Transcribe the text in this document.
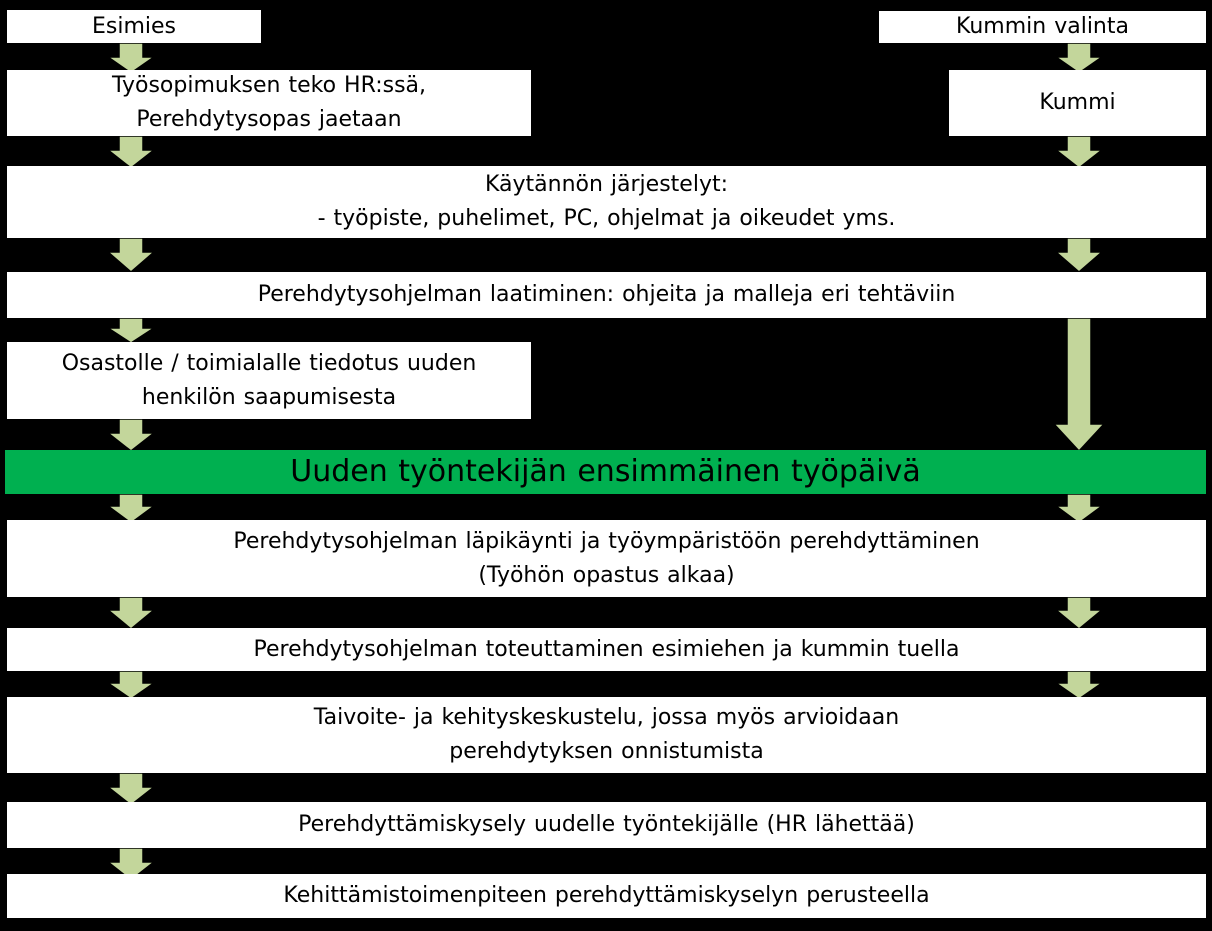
Esimies	Kummin valinta
Työsopimuksen teko HR:ssä,
Perehdytysopas jaetaan
Kummi
Käytännön järjestelyt:
- työpiste, puhelimet, PC, ohjelmat ja oikeudet yms.
Perehdytysohjelman laatiminen: ohjeita ja malleja eri tehtäviin
Osastolle / toimialalle tiedotus uuden
henkilön saapumisesta
Uuden työntekijän ensimmäinen työpäivä
Perehdytysohjelman läpikäynti ja työympäristöön perehdyttäminen
(Työhön opastus alkaa)
Perehdytysohjelman toteuttaminen esimiehen ja kummin tuella
Taivoite- ja kehityskeskustelu, jossa myös arvioidaan
perehdytyksen onnistumista
Perehdyttämiskysely uudelle työntekijälle (HR lähettää)
Kehittämistoimenpiteen perehdyttämiskyselyn perusteella
